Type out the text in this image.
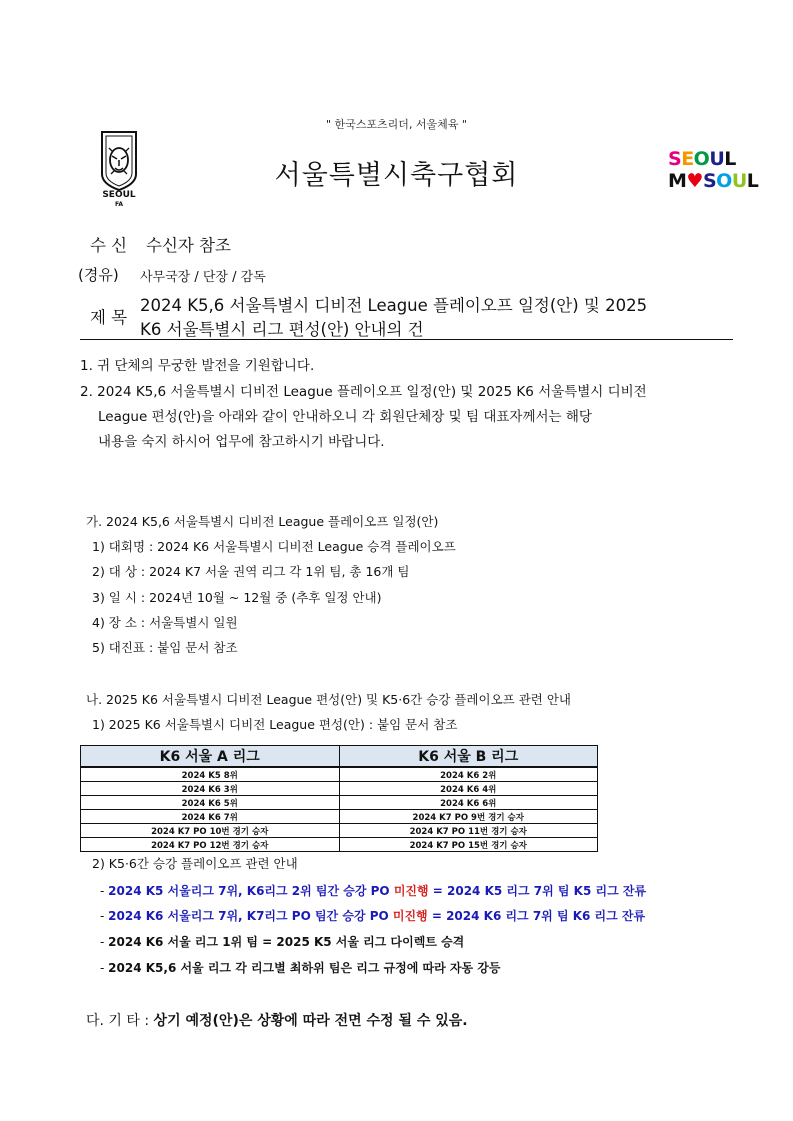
" 한국스포츠리더, 서울체육 "
서울특별시축구협회
SEOUL
FA
SEOUL
M♥SOUL
수 신 수신자 참조
(경유) 사무국장 / 단장 / 감독
제 목
2024 K5,6 서울특별시 디비전 League 플레이오프 일정(안) 및 2025
K6 서울특별시 리그 편성(안) 안내의 건
1. 귀 단체의 무궁한 발전을 기원합니다.
2. 2024 K5,6 서울특별시 디비전 League 플레이오프 일정(안) 및 2025 K6 서울특별시 디비전
League 편성(안)을 아래와 같이 안내하오니 각 회원단체장 및 팀 대표자께서는 해당
내용을 숙지 하시어 업무에 참고하시기 바랍니다.
가. 2024 K5,6 서울특별시 디비전 League 플레이오프 일정(안)
1) 대회명 : 2024 K6 서울특별시 디비전 League 승격 플레이오프
2) 대 상 : 2024 K7 서울 권역 리그 각 1위 팀, 총 16개 팀
3) 일 시 : 2024년 10월 ~ 12월 중 (추후 일정 안내)
4) 장 소 : 서울특별시 일원
5) 대진표 : 붙임 문서 참조
나. 2025 K6 서울특별시 디비전 League 편성(안) 및 K5·6간 승강 플레이오프 관련 안내
1) 2025 K6 서울특별시 디비전 League 편성(안) : 붙임 문서 참조
K6 서울 A 리그	K6 서울 B 리그
2024 K5 8위	2024 K6 2위
2024 K6 3위	2024 K6 4위
2024 K6 5위	2024 K6 6위
2024 K6 7위	2024 K7 PO 9번 경기 승자
2024 K7 PO 10번 경기 승자	2024 K7 PO 11번 경기 승자
2024 K7 PO 12번 경기 승자	2024 K7 PO 15번 경기 승자
2) K5·6간 승강 플레이오프 관련 안내
- 2024 K5 서울리그 7위, K6리그 2위 팀간 승강 PO 미진행 = 2024 K5 리그 7위 팀 K5 리그 잔류
- 2024 K6 서울리그 7위, K7리그 PO 팀간 승강 PO 미진행 = 2024 K6 리그 7위 팀 K6 리그 잔류
- 2024 K6 서울 리그 1위 팀 = 2025 K5 서울 리그 다이렉트 승격
- 2024 K5,6 서울 리그 각 리그별 최하위 팀은 리그 규정에 따라 자동 강등
다. 기 타 : 상기 예정(안)은 상황에 따라 전면 수정 될 수 있음.
